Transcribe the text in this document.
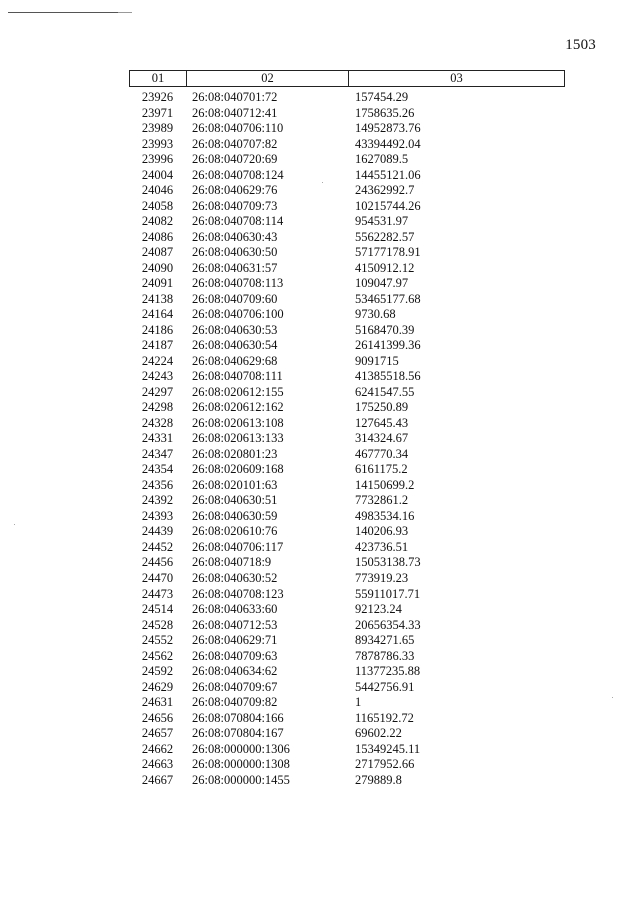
1503
01	02	03
23926	26:08:040701:72	157454.29
23971	26:08:040712:41	1758635.26
23989	26:08:040706:110	14952873.76
23993	26:08:040707:82	43394492.04
23996	26:08:040720:69	1627089.5
24004	26:08:040708:124	14455121.06
24046	26:08:040629:76	24362992.7
24058	26:08:040709:73	10215744.26
24082	26:08:040708:114	954531.97
24086	26:08:040630:43	5562282.57
24087	26:08:040630:50	57177178.91
24090	26:08:040631:57	4150912.12
24091	26:08:040708:113	109047.97
24138	26:08:040709:60	53465177.68
24164	26:08:040706:100	9730.68
24186	26:08:040630:53	5168470.39
24187	26:08:040630:54	26141399.36
24224	26:08:040629:68	9091715
24243	26:08:040708:111	41385518.56
24297	26:08:020612:155	6241547.55
24298	26:08:020612:162	175250.89
24328	26:08:020613:108	127645.43
24331	26:08:020613:133	314324.67
24347	26:08:020801:23	467770.34
24354	26:08:020609:168	6161175.2
24356	26:08:020101:63	14150699.2
24392	26:08:040630:51	7732861.2
24393	26:08:040630:59	4983534.16
24439	26:08:020610:76	140206.93
24452	26:08:040706:117	423736.51
24456	26:08:040718:9	15053138.73
24470	26:08:040630:52	773919.23
24473	26:08:040708:123	55911017.71
24514	26:08:040633:60	92123.24
24528	26:08:040712:53	20656354.33
24552	26:08:040629:71	8934271.65
24562	26:08:040709:63	7878786.33
24592	26:08:040634:62	11377235.88
24629	26:08:040709:67	5442756.91
24631	26:08:040709:82	1
24656	26:08:070804:166	1165192.72
24657	26:08:070804:167	69602.22
24662	26:08:000000:1306	15349245.11
24663	26:08:000000:1308	2717952.66
24667	26:08:000000:1455	279889.8
